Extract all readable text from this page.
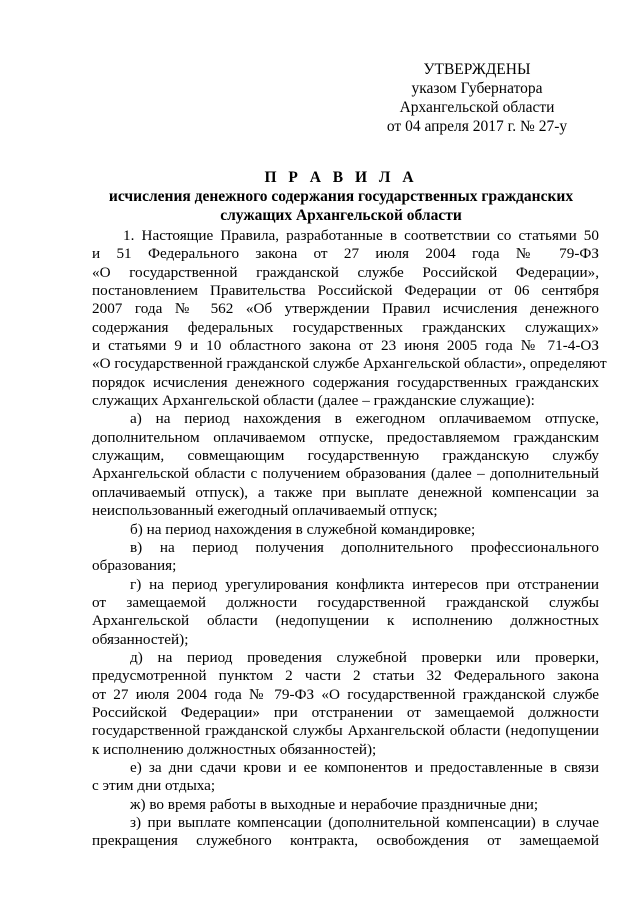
УТВЕРЖДЕНЫ
указом Губернатора
Архангельской области
от 04 апреля 2017 г. № 27-у
П Р А В И Л А
исчисления денежного содержания государственных гражданских
служащих Архангельской области
1. Настоящие Правила, разработанные в соответствии со статьями 50
и 51 Федерального закона от 27 июля 2004 года № 79-ФЗ
«О государственной гражданской службе Российской Федерации»,
постановлением Правительства Российской Федерации от 06 сентября
2007 года № 562 «Об утверждении Правил исчисления денежного
содержания федеральных государственных гражданских служащих»
и статьями 9 и 10 областного закона от 23 июня 2005 года № 71-4-ОЗ
«О государственной гражданской службе Архангельской области», определяют
порядок исчисления денежного содержания государственных гражданских
служащих Архангельской области (далее – гражданские служащие):
а) на период нахождения в ежегодном оплачиваемом отпуске,
дополнительном оплачиваемом отпуске, предоставляемом гражданским
служащим, совмещающим государственную гражданскую службу
Архангельской области с получением образования (далее – дополнительный
оплачиваемый отпуск), а также при выплате денежной компенсации за
неиспользованный ежегодный оплачиваемый отпуск;
б) на период нахождения в служебной командировке;
в) на период получения дополнительного профессионального
образования;
г) на период урегулирования конфликта интересов при отстранении
от замещаемой должности государственной гражданской службы
Архангельской области (недопущении к исполнению должностных
обязанностей);
д) на период проведения служебной проверки или проверки,
предусмотренной пунктом 2 части 2 статьи 32 Федерального закона
от 27 июля 2004 года № 79-ФЗ «О государственной гражданской службе
Российской Федерации» при отстранении от замещаемой должности
государственной гражданской службы Архангельской области (недопущении
к исполнению должностных обязанностей);
е) за дни сдачи крови и ее компонентов и предоставленные в связи
с этим дни отдыха;
ж) во время работы в выходные и нерабочие праздничные дни;
з) при выплате компенсации (дополнительной компенсации) в случае
прекращения служебного контракта, освобождения от замещаемой
